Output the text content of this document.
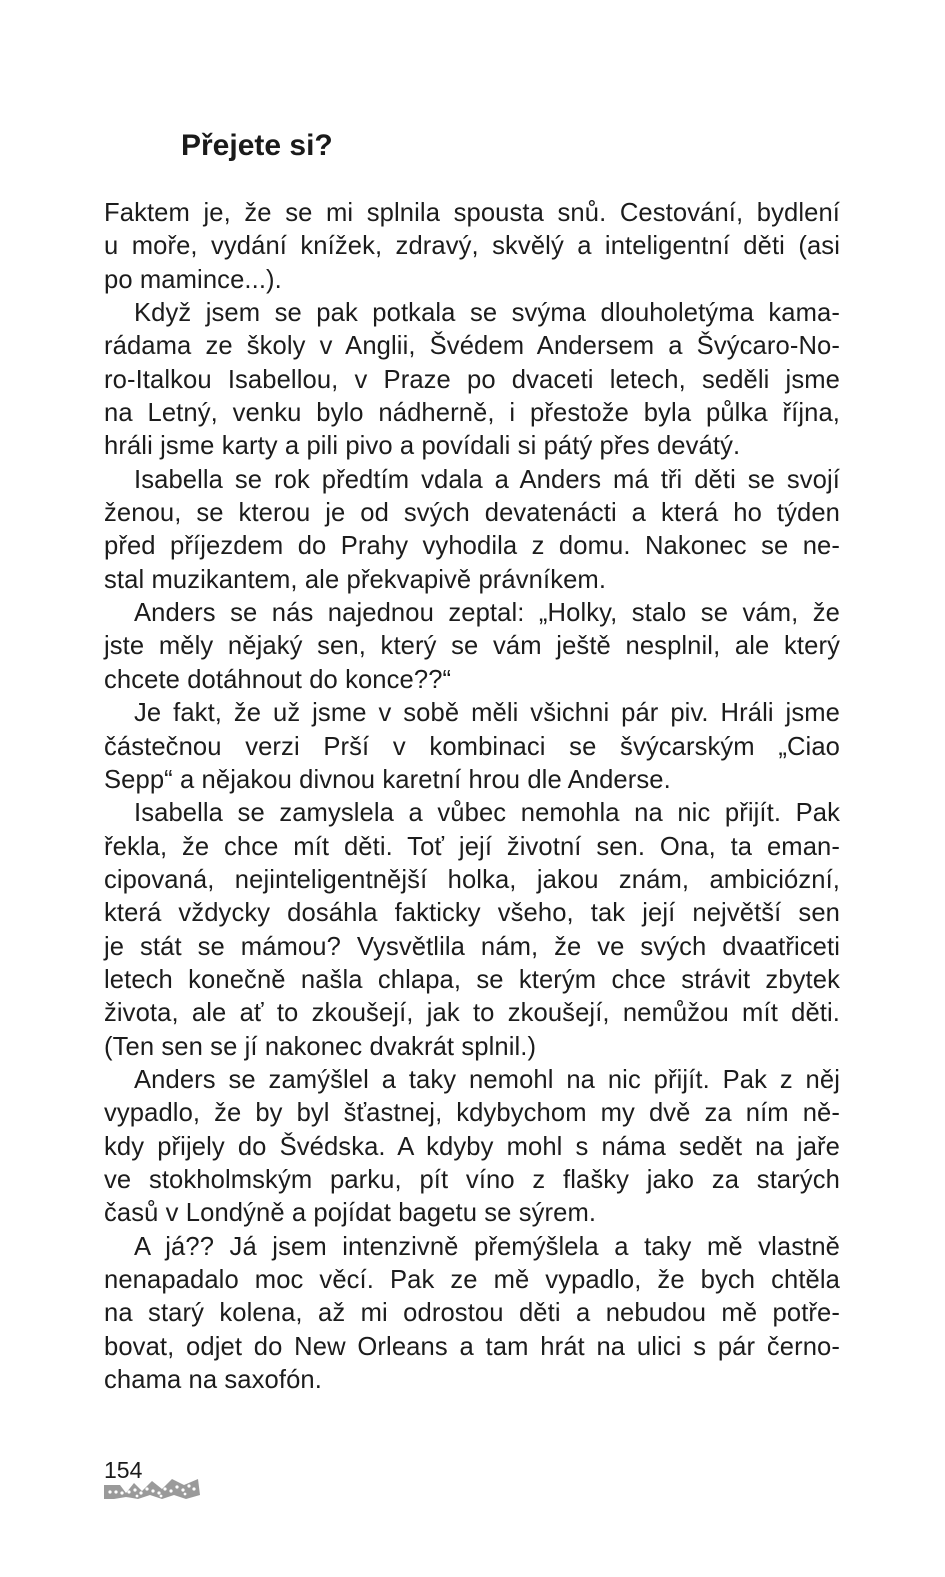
Přejete si?
Faktem je, že se mi splnila spousta snů. Cestování, bydlení
u moře, vydání knížek, zdravý, skvělý a inteligentní děti (asi
po mamince...).
Když jsem se pak potkala se svýma dlouholetýma kama-
rádama ze školy v Anglii, Švédem Andersem a Švýcaro-No-
ro-Italkou Isabellou, v Praze po dvaceti letech, seděli jsme
na Letný, venku bylo nádherně, i přestože byla půlka října,
hráli jsme karty a pili pivo a povídali si pátý přes devátý.
Isabella se rok předtím vdala a Anders má tři děti se svojí
ženou, se kterou je od svých devatenácti a která ho týden
před příjezdem do Prahy vyhodila z domu. Nakonec se ne-
stal muzikantem, ale překvapivě právníkem.
Anders se nás najednou zeptal: „Holky, stalo se vám, že
jste měly nějaký sen, který se vám ještě nesplnil, ale který
chcete dotáhnout do konce??“
Je fakt, že už jsme v sobě měli všichni pár piv. Hráli jsme
částečnou verzi Prší v kombinaci se švýcarským „Ciao
Sepp“ a nějakou divnou karetní hrou dle Anderse.
Isabella se zamyslela a vůbec nemohla na nic přijít. Pak
řekla, že chce mít děti. Toť její životní sen. Ona, ta eman-
cipovaná, nejinteligentnější holka, jakou znám, ambiciózní,
která vždycky dosáhla fakticky všeho, tak její největší sen
je stát se mámou? Vysvětlila nám, že ve svých dvaatřiceti
letech konečně našla chlapa, se kterým chce strávit zbytek
života, ale ať to zkoušejí, jak to zkoušejí, nemůžou mít děti.
(Ten sen se jí nakonec dvakrát splnil.)
Anders se zamýšlel a taky nemohl na nic přijít. Pak z něj
vypadlo, že by byl šťastnej, kdybychom my dvě za ním ně-
kdy přijely do Švédska. A kdyby mohl s náma sedět na jaře
ve stokholmským parku, pít víno z flašky jako za starých
časů v Londýně a pojídat bagetu se sýrem.
A já?? Já jsem intenzivně přemýšlela a taky mě vlastně
nenapadalo moc věcí. Pak ze mě vypadlo, že bych chtěla
na starý kolena, až mi odrostou děti a nebudou mě potře-
bovat, odjet do New Orleans a tam hrát na ulici s pár černo-
chama na saxofón.
154
